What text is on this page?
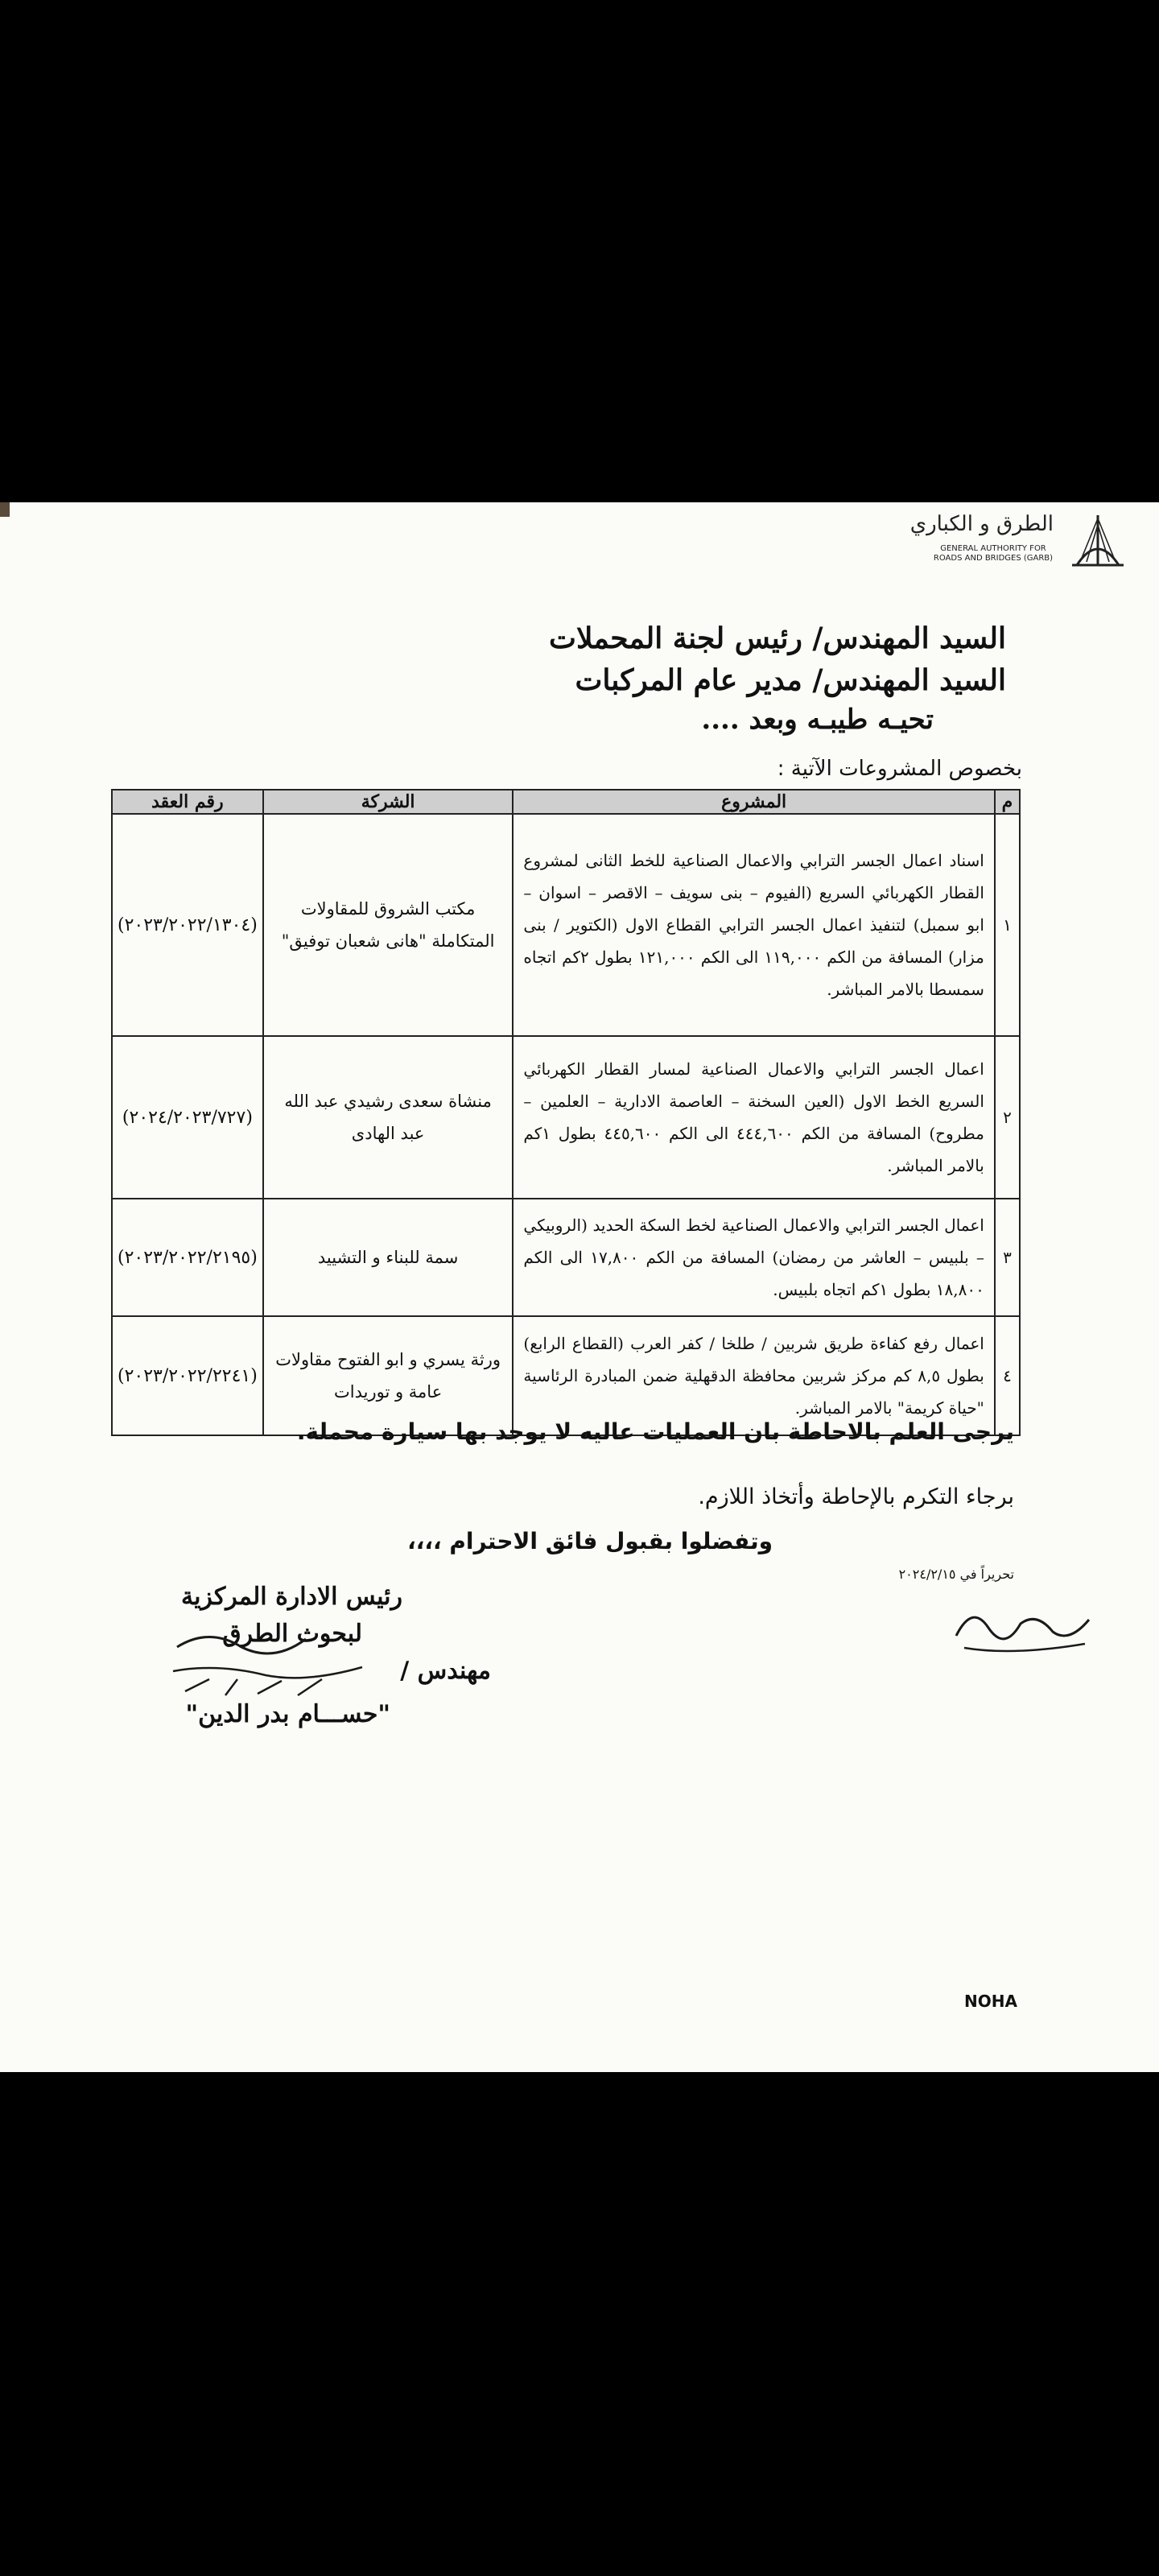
الطرق و الكباري
GENERAL AUTHORITY FOR ROADS AND BRIDGES (GARB)
السيد المهندس/ رئيس لجنة المحملات
السيد المهندس/ مدير عام المركبات
تحيـه طيبـه وبعد ....
بخصوص المشروعات الآتية :
م	المشروع	الشركة	رقم العقد
١	اسناد اعمال الجسر الترابي والاعمال الصناعية للخط الثانى لمشروع القطار الكهربائي السريع (الفيوم – بنى سويف – الاقصر – اسوان – ابو سمبل) لتنفيذ اعمال الجسر الترابي القطاع الاول (الكتوير / بنى مزار) المسافة من الكم ١١٩,٠٠٠ الى الكم ١٢١,٠٠٠ بطول ٢كم اتجاه سمسطا بالامر المباشر.	مكتب الشروق للمقاولات المتكاملة "هانى شعبان توفيق"	(٢٠٢٣/٢٠٢٢/١٣٠٤)
٢	اعمال الجسر الترابي والاعمال الصناعية لمسار القطار الكهربائي السريع الخط الاول (العين السخنة – العاصمة الادارية – العلمين – مطروح) المسافة من الكم ٤٤٤,٦٠٠ الى الكم ٤٤٥,٦٠٠ بطول ١كم بالامر المباشر.	منشاة سعدى رشيدي عبد الله عبد الهادى	(٢٠٢٤/٢٠٢٣/٧٢٧)
٣	اعمال الجسر الترابي والاعمال الصناعية لخط السكة الحديد (الروبيكي – بلبيس – العاشر من رمضان) المسافة من الكم ١٧,٨٠٠ الى الكم ١٨,٨٠٠ بطول ١كم اتجاه بلبيس.	سمة للبناء و التشييد	(٢٠٢٣/٢٠٢٢/٢١٩٥)
٤	اعمال رفع كفاءة طريق شربين / طلخا / كفر العرب (القطاع الرابع) بطول ٨,٥ كم مركز شربين محافظة الدقهلية ضمن المبادرة الرئاسية "حياة كريمة" بالامر المباشر.	ورثة يسري و ابو الفتوح مقاولات عامة و توريدات	(٢٠٢٣/٢٠٢٢/٢٢٤١)
يرجى العلم بالاحاطة بان العمليات عاليه لا يوجد بها سيارة محملة.
برجاء التكرم بالإحاطة وأتخاذ اللازم.
وتفضلوا بقبول فائق الاحترام ،،،،
تحريراً في ٢٠٢٤/٢/١٥
رئيس الادارة المركزية
لبحوث الطرق
مهندس /
"حســـام بدر الدين"
NOHA
